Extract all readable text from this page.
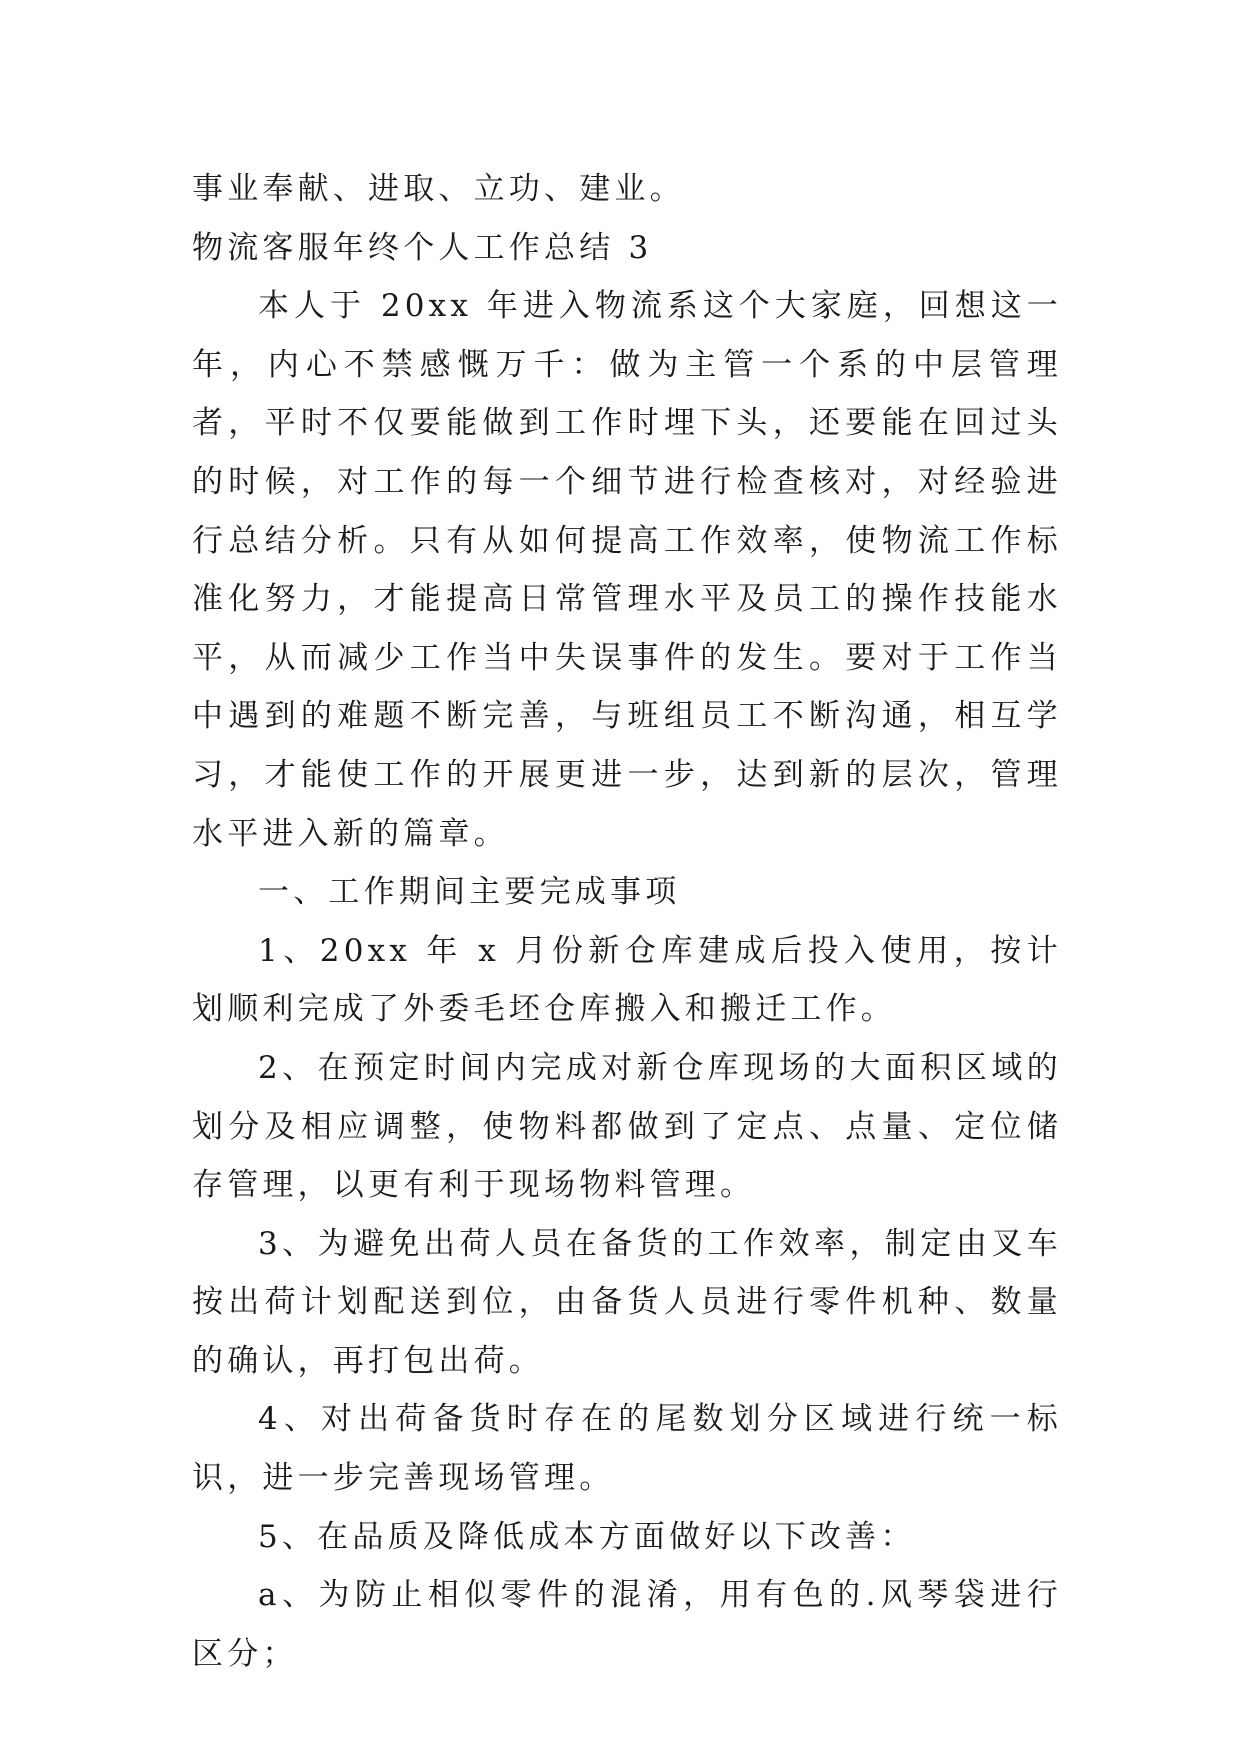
事业奉献、进取、立功、建业。

物流客服年终个人工作总结 3

本人于 20xx 年进入物流系这个大家庭，回想这一年，内心不禁感慨万千：做为主管一个系的中层管理者，平时不仅要能做到工作时埋下头，还要能在回过头的时候，对工作的每一个细节进行检查核对，对经验进行总结分析。只有从如何提高工作效率，使物流工作标准化努力，才能提高日常管理水平及员工的操作技能水平，从而减少工作当中失误事件的发生。要对于工作当中遇到的难题不断完善，与班组员工不断沟通，相互学习，才能使工作的开展更进一步，达到新的层次，管理水平进入新的篇章。

一、工作期间主要完成事项

1、20xx 年 x 月份新仓库建成后投入使用，按计划顺利完成了外委毛坯仓库搬入和搬迁工作。

2、在预定时间内完成对新仓库现场的大面积区域的划分及相应调整，使物料都做到了定点、点量、定位储存管理，以更有利于现场物料管理。

3、为避免出荷人员在备货的工作效率，制定由叉车按出荷计划配送到位，由备货人员进行零件机种、数量的确认，再打包出荷。

4、对出荷备货时存在的尾数划分区域进行统一标识，进一步完善现场管理。

5、在品质及降低成本方面做好以下改善：

a、为防止相似零件的混淆，用有色的.风琴袋进行区分；
